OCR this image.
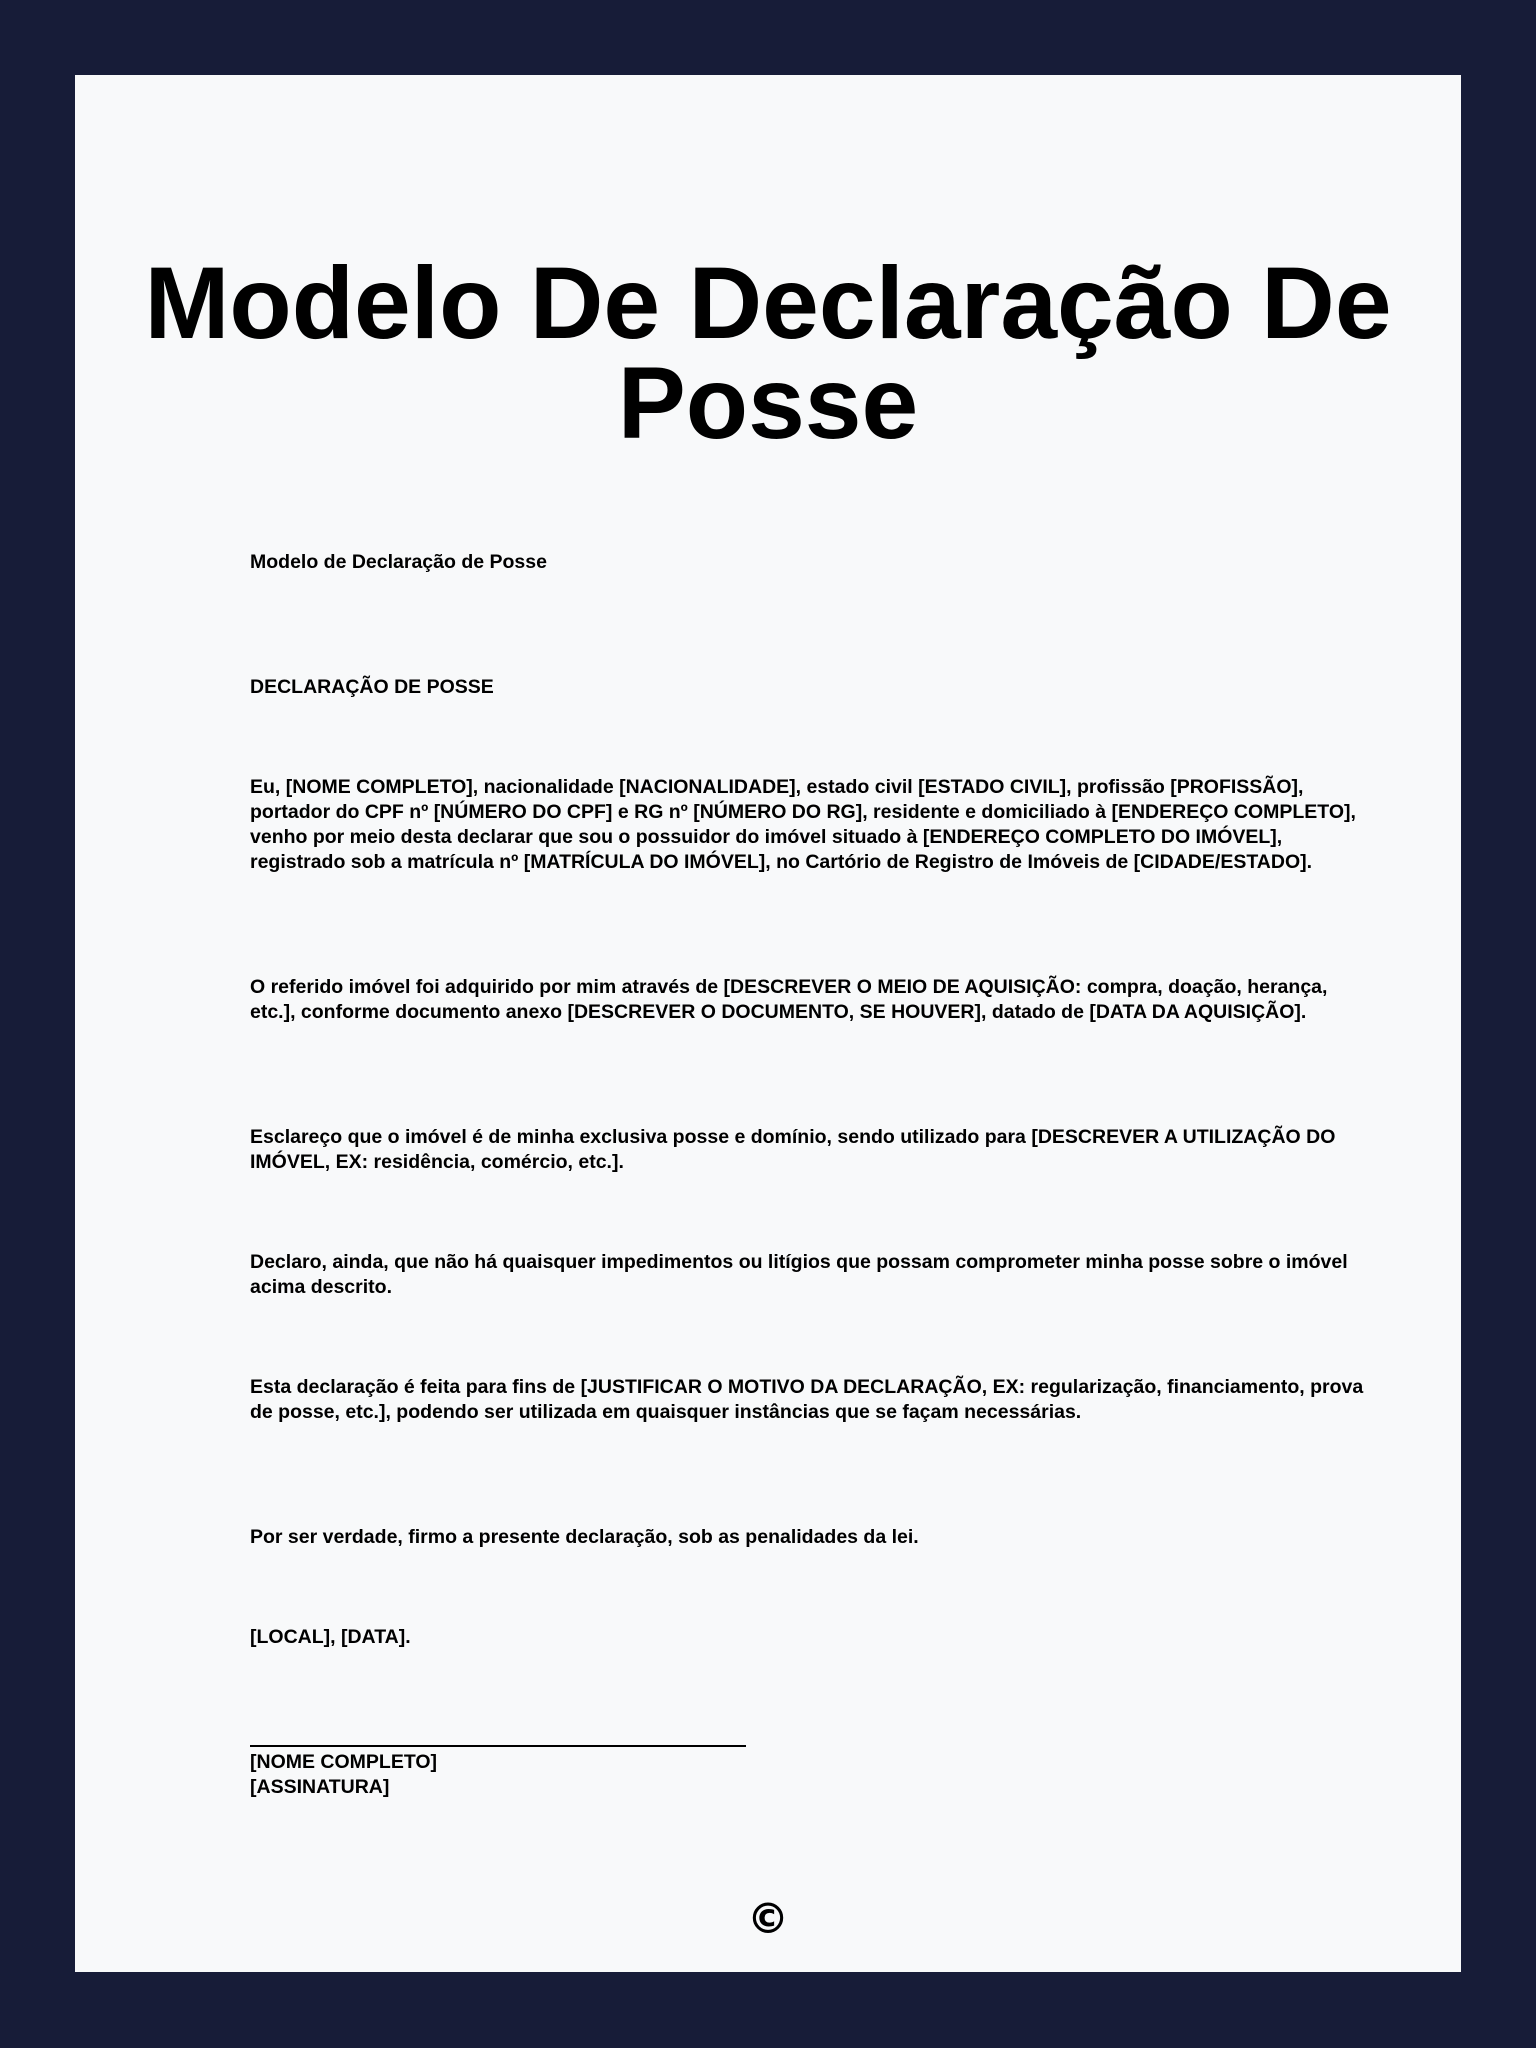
Modelo De Declaração De Posse

Modelo de Declaração de Posse

DECLARAÇÃO DE POSSE

Eu, [NOME COMPLETO], nacionalidade [NACIONALIDADE], estado civil [ESTADO CIVIL], profissão [PROFISSÃO], portador do CPF nº [NÚMERO DO CPF] e RG nº [NÚMERO DO RG], residente e domiciliado à [ENDEREÇO COMPLETO], venho por meio desta declarar que sou o possuidor do imóvel situado à [ENDEREÇO COMPLETO DO IMÓVEL], registrado sob a matrícula nº [MATRÍCULA DO IMÓVEL], no Cartório de Registro de Imóveis de [CIDADE/ESTADO].

O referido imóvel foi adquirido por mim através de [DESCREVER O MEIO DE AQUISIÇÃO: compra, doação, herança, etc.], conforme documento anexo [DESCREVER O DOCUMENTO, SE HOUVER], datado de [DATA DA AQUISIÇÃO].

Esclareço que o imóvel é de minha exclusiva posse e domínio, sendo utilizado para [DESCREVER A UTILIZAÇÃO DO IMÓVEL, EX: residência, comércio, etc.].

Declaro, ainda, que não há quaisquer impedimentos ou litígios que possam comprometer minha posse sobre o imóvel acima descrito.

Esta declaração é feita para fins de [JUSTIFICAR O MOTIVO DA DECLARAÇÃO, EX: regularização, financiamento, prova de posse, etc.], podendo ser utilizada em quaisquer instâncias que se façam necessárias.

Por ser verdade, firmo a presente declaração, sob as penalidades da lei.

[LOCAL], [DATA].

[NOME COMPLETO]

[ASSINATURA]

©
